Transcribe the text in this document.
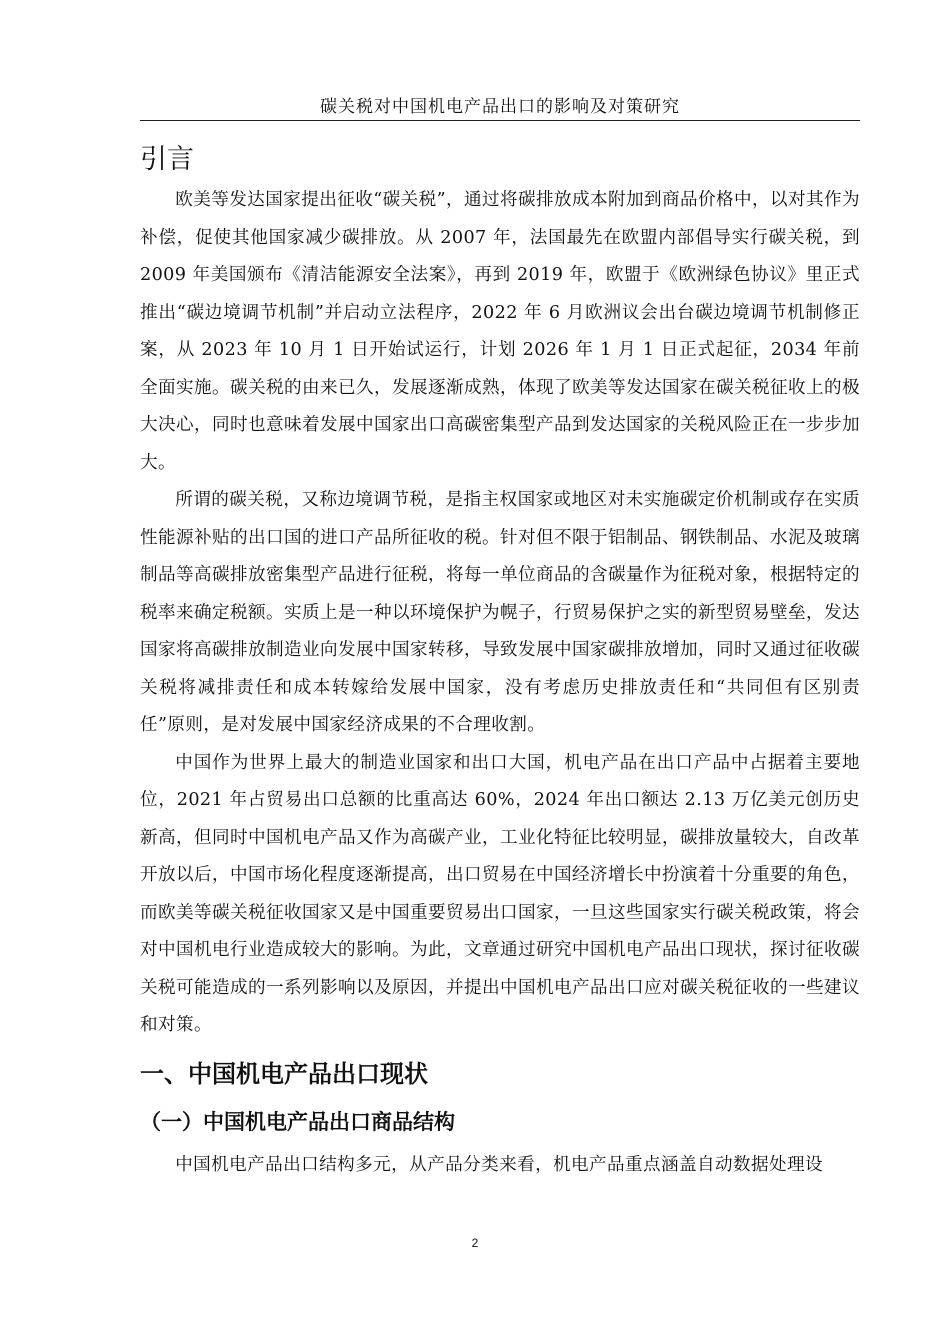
碳关税对中国机电产品出口的影响及对策研究
引言

欧美等发达国家提出征收“碳关税”，通过将碳排放成本附加到商品价格中，以对其作为补偿，促使其他国家减少碳排放。从 2007 年，法国最先在欧盟内部倡导实行碳关税，到 2009 年美国颁布《清洁能源安全法案》，再到 2019 年，欧盟于《欧洲绿色协议》里正式推出“碳边境调节机制”并启动立法程序，2022 年 6 月欧洲议会出台碳边境调节机制修正案，从 2023 年 10 月 1 日开始试运行，计划 2026 年 1 月 1 日正式起征，2034 年前全面实施。碳关税的由来已久，发展逐渐成熟，体现了欧美等发达国家在碳关税征收上的极大决心，同时也意味着发展中国家出口高碳密集型产品到发达国家的关税风险正在一步步加大。

所谓的碳关税，又称边境调节税，是指主权国家或地区对未实施碳定价机制或存在实质性能源补贴的出口国的进口产品所征收的税。针对但不限于铝制品、钢铁制品、水泥及玻璃制品等高碳排放密集型产品进行征税，将每一单位商品的含碳量作为征税对象，根据特定的税率来确定税额。实质上是一种以环境保护为幌子，行贸易保护之实的新型贸易壁垒，发达国家将高碳排放制造业向发展中国家转移，导致发展中国家碳排放增加，同时又通过征收碳关税将减排责任和成本转嫁给发展中国家，没有考虑历史排放责任和“共同但有区别责任”原则，是对发展中国家经济成果的不合理收割。

中国作为世界上最大的制造业国家和出口大国，机电产品在出口产品中占据着主要地位，2021 年占贸易出口总额的比重高达 60%，2024 年出口额达 2.13 万亿美元创历史新高，但同时中国机电产品又作为高碳产业，工业化特征比较明显，碳排放量较大，自改革开放以后，中国市场化程度逐渐提高，出口贸易在中国经济增长中扮演着十分重要的角色，而欧美等碳关税征收国家又是中国重要贸易出口国家，一旦这些国家实行碳关税政策，将会对中国机电行业造成较大的影响。为此，文章通过研究中国机电产品出口现状，探讨征收碳关税可能造成的一系列影响以及原因，并提出中国机电产品出口应对碳关税征收的一些建议和对策。

一、中国机电产品出口现状
（一）中国机电产品出口商品结构

中国机电产品出口结构多元，从产品分类来看，机电产品重点涵盖自动数据处理设

2
